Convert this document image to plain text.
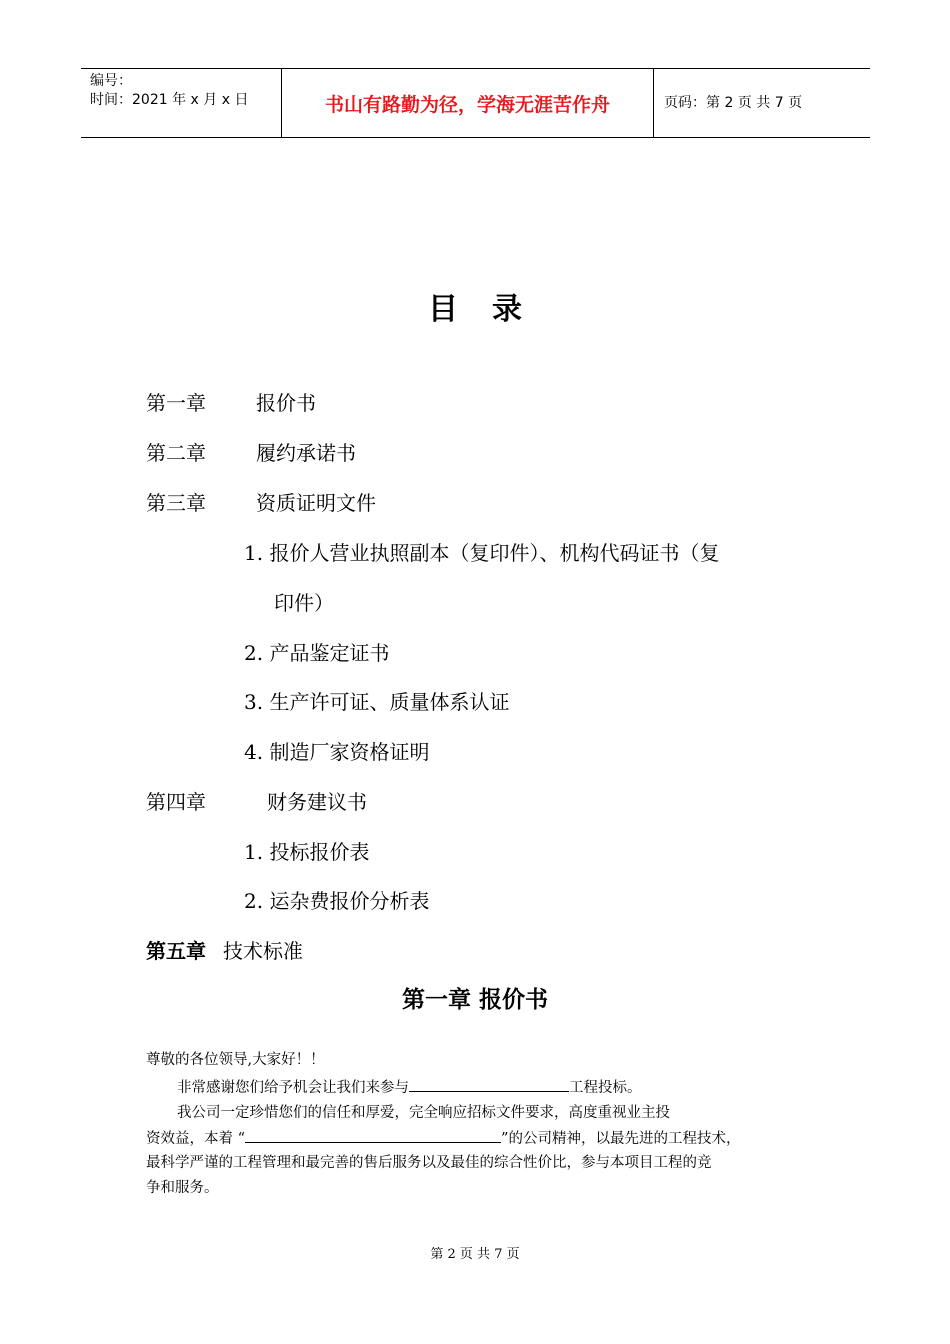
编号：
时间：2021 年 x 月 x 日	书山有路勤为径，学海无涯苦作舟	页码：第 2 页 共 7 页
目录
第一章	报价书
第二章	履约承诺书
第三章	资质证明文件
1. 报价人营业执照副本（复印件）、机构代码证书（复
印件）
2. 产品鉴定证书
3. 生产许可证、质量体系认证
4. 制造厂家资格证明
第四章	财务建议书
1. 投标报价表
2. 运杂费报价分析表
第五章 技术标准
第一章 报价书
尊敬的各位领导,大家好！！
非常感谢您们给予机会让我们来参与	工程投标。
我公司一定珍惜您们的信任和厚爱，完全响应招标文件要求，高度重视业主投
资效益，本着 “	”的公司精神，以最先进的工程技术，
最科学严谨的工程管理和最完善的售后服务以及最佳的综合性价比，参与本项目工程的竞
争和服务。
第 2 页 共 7 页
